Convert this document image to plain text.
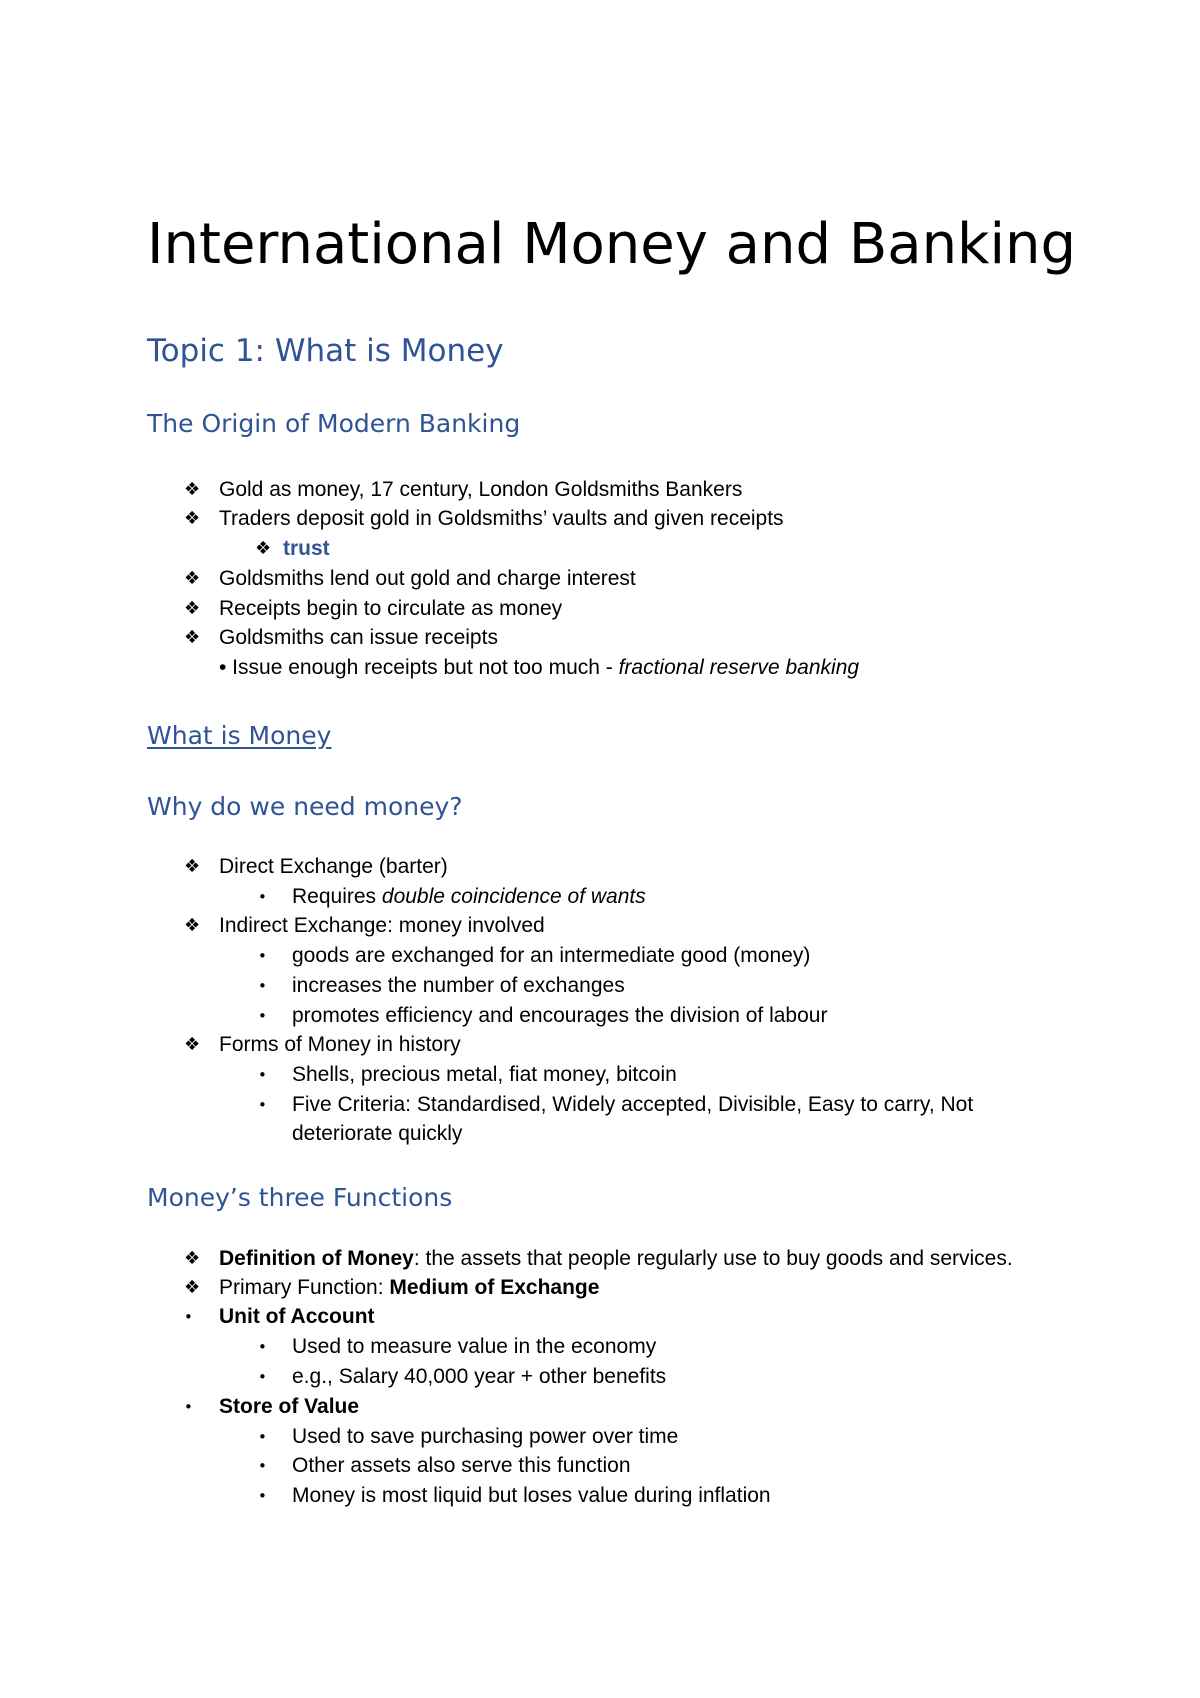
International Money and Banking
Topic 1: What is Money
The Origin of Modern Banking
❖ Gold as money, 17 century, London Goldsmiths Bankers
❖ Traders deposit gold in Goldsmiths’ vaults and given receipts
❖ trust
❖ Goldsmiths lend out gold and charge interest
❖ Receipts begin to circulate as money
❖ Goldsmiths can issue receipts
• Issue enough receipts but not too much - fractional reserve banking
What is Money
Why do we need money?
❖ Direct Exchange (barter)
• Requires double coincidence of wants
❖ Indirect Exchange: money involved
• goods are exchanged for an intermediate good (money)
• increases the number of exchanges
• promotes efficiency and encourages the division of labour
❖ Forms of Money in history
• Shells, precious metal, fiat money, bitcoin
• Five Criteria: Standardised, Widely accepted, Divisible, Easy to carry, Not
deteriorate quickly
Money’s three Functions
❖ Definition of Money: the assets that people regularly use to buy goods and services.
❖ Primary Function: Medium of Exchange
• Unit of Account
• Used to measure value in the economy
• e.g., Salary 40,000 year + other benefits
• Store of Value
• Used to save purchasing power over time
• Other assets also serve this function
• Money is most liquid but loses value during inflation
